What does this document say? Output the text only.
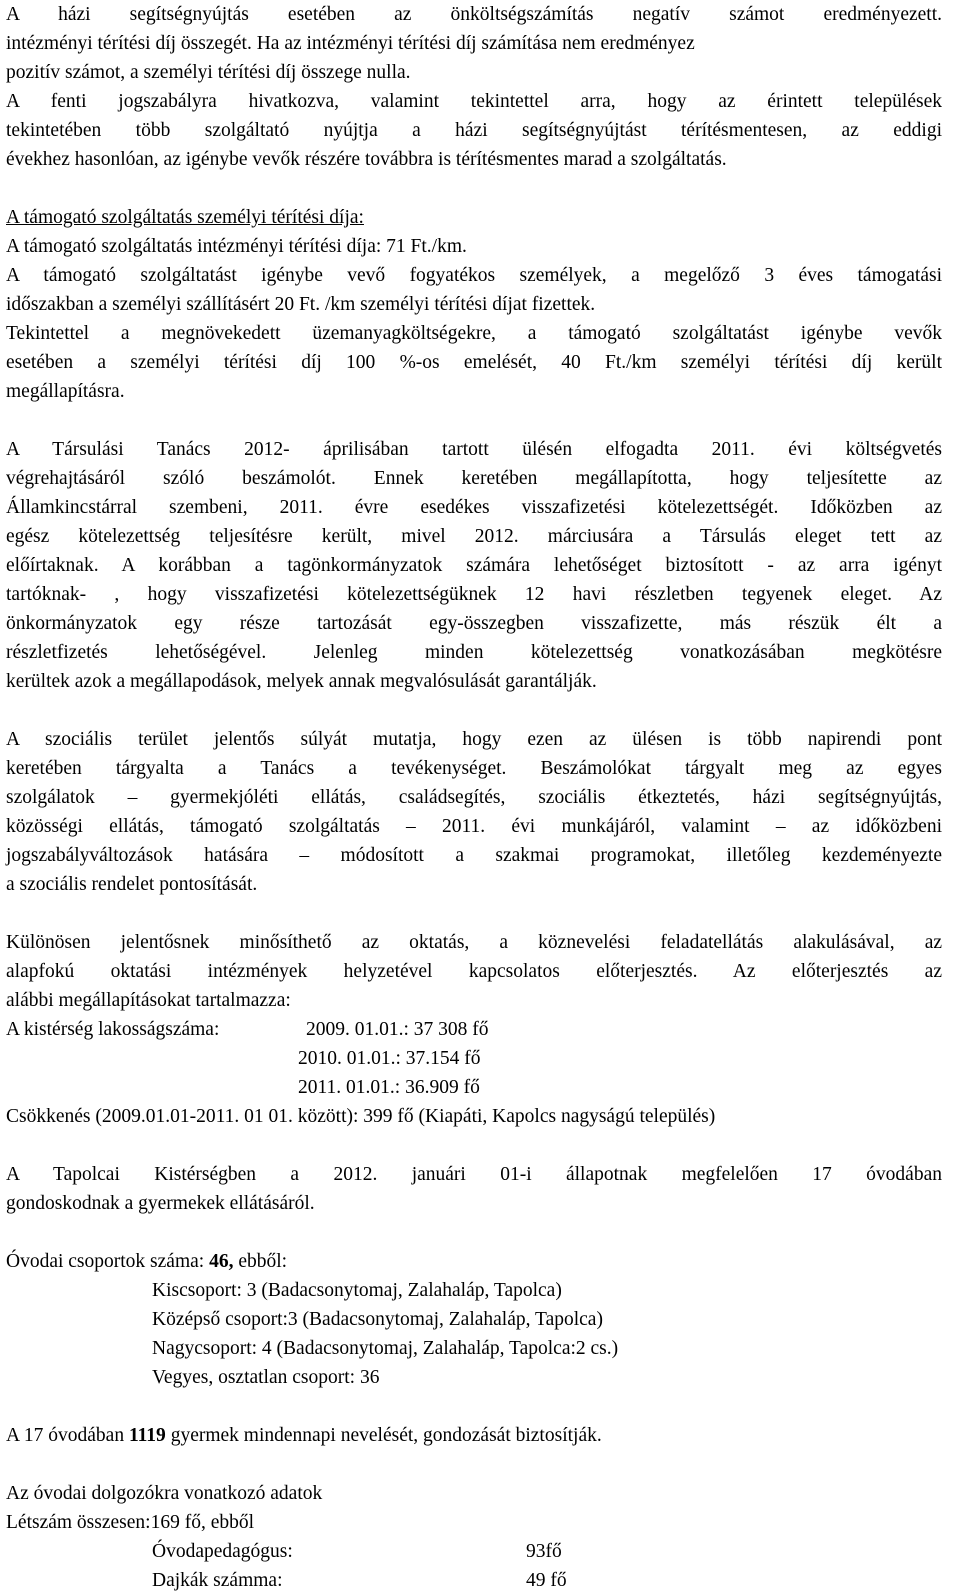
A házi segítségnyújtás esetében az önköltségszámítás negatív számot eredményezett.
intézményi térítési díj összegét. Ha az intézményi térítési díj számítása nem eredményez
pozitív számot, a személyi térítési díj összege nulla.

A fenti jogszabályra hivatkozva, valamint tekintettel arra, hogy az érintett települések
tekintetében több szolgáltató nyújtja a házi segítségnyújtást térítésmentesen, az eddigi
évekhez hasonlóan, az igénybe vevők részére továbbra is térítésmentes marad a szolgáltatás.

A támogató szolgáltatás személyi térítési díja:
A támogató szolgáltatás intézményi térítési díja: 71 Ft./km.
A támogató szolgáltatást igénybe vevő fogyatékos személyek, a megelőző 3 éves támogatási
időszakban a személyi szállításért 20 Ft. /km személyi térítési díjat fizettek.
Tekintettel a megnövekedett üzemanyagköltségekre, a támogató szolgáltatást igénybe vevők
esetében a személyi térítési díj 100 %-os emelését, 40 Ft./km személyi térítési díj került
megállapításra.

A Társulási Tanács 2012- áprilisában tartott ülésén elfogadta 2011. évi költségvetés
végrehajtásáról szóló beszámolót. Ennek keretében megállapította, hogy teljesítette az
Államkincstárral szembeni, 2011. évre esedékes visszafizetési kötelezettségét. Időközben az
egész kötelezettség teljesítésre került, mivel 2012. márciusára a Társulás eleget tett az
előírtaknak. A korábban a tagönkormányzatok számára lehetőséget biztosított - az arra igényt
tartóknak- , hogy visszafizetési kötelezettségüknek 12 havi részletben tegyenek eleget. Az
önkormányzatok egy része tartozását egy-összegben visszafizette, más részük élt a
részletfizetés lehetőségével. Jelenleg minden kötelezettség vonatkozásában megkötésre
kerültek azok a megállapodások, melyek annak megvalósulását garantálják.

A szociális terület jelentős súlyát mutatja, hogy ezen az ülésen is több napirendi pont
keretében tárgyalta a Tanács a tevékenységet. Beszámolókat tárgyalt meg az egyes
szolgálatok – gyermekjóléti ellátás, családsegítés, szociális étkeztetés, házi segítségnyújtás,
közösségi ellátás, támogató szolgáltatás – 2011. évi munkájáról, valamint – az időközbeni
jogszabályváltozások hatására – módosított a szakmai programokat, illetőleg kezdeményezte
a szociális rendelet pontosítását.

Különösen jelentősnek minősíthető az oktatás, a köznevelési feladatellátás alakulásával, az
alapfokú oktatási intézmények helyzetével kapcsolatos előterjesztés. Az előterjesztés az
alábbi megállapításokat tartalmazza:

A kistérség lakosságszáma:	2009. 01.01.: 37 308 fő
2010. 01.01.: 37.154 fő
2011. 01.01.: 36.909 fő

Csökkenés (2009.01.01-2011. 01 01. között): 399 fő (Kiapáti, Kapolcs nagyságú település)

A Tapolcai Kistérségben a 2012. januári 01-i állapotnak megfelelően 17 óvodában
gondoskodnak a gyermekek ellátásáról.

Óvodai csoportok száma: 46, ebből:

Kiscsoport: 3 (Badacsonytomaj, Zalahaláp, Tapolca)
Középső csoport:3 (Badacsonytomaj, Zalahaláp, Tapolca)
Nagycsoport: 4 (Badacsonytomaj, Zalahaláp, Tapolca:2 cs.)
Vegyes, osztatlan csoport: 36

A 17 óvodában 1119 gyermek mindennapi nevelését, gondozását biztosítják.

Az óvodai dolgozókra vonatkozó adatok
Létszám összesen:169 fő, ebből

Óvodapedagógus:	93fő
Dajkák számma:	49 fő
